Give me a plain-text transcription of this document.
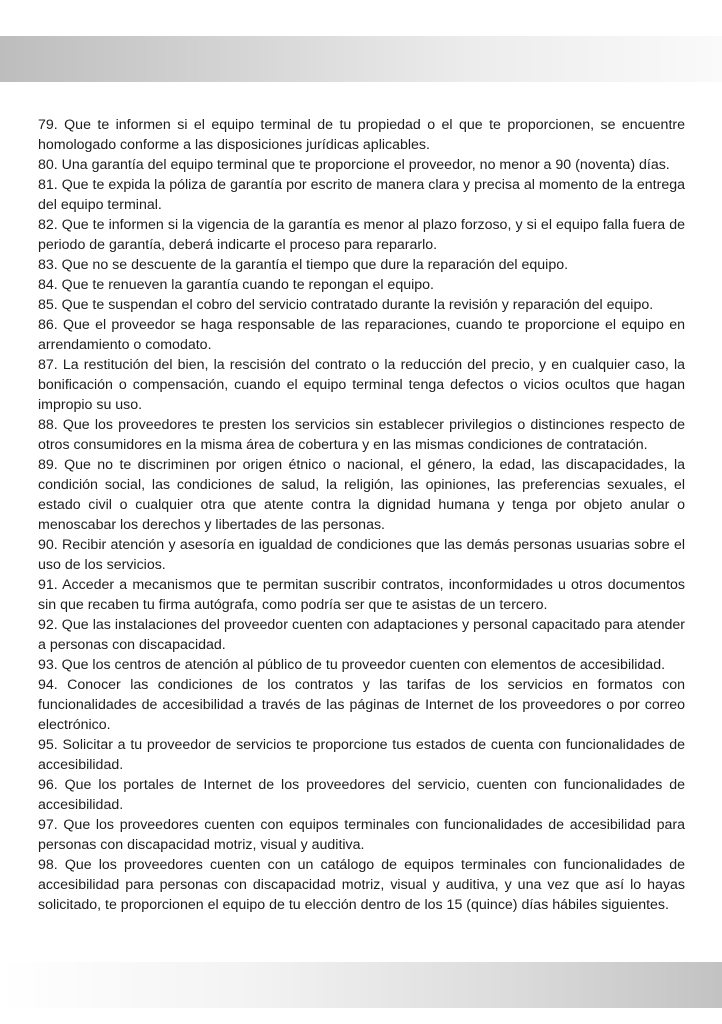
79. Que te informen si el equipo terminal de tu propiedad o el que te proporcionen, se encuentre homologado conforme a las disposiciones jurídicas aplicables.

80. Una garantía del equipo terminal que te proporcione el proveedor, no menor a 90 (noventa) días.

81. Que te expida la póliza de garantía por escrito de manera clara y precisa al momento de la entrega del equipo terminal.

82. Que te informen si la vigencia de la garantía es menor al plazo forzoso, y si el equipo falla fuera de periodo de garantía, deberá indicarte el proceso para repararlo.

83. Que no se descuente de la garantía el tiempo que dure la reparación del equipo.

84. Que te renueven la garantía cuando te repongan el equipo.

85. Que te suspendan el cobro del servicio contratado durante la revisión y reparación del equipo.

86. Que el proveedor se haga responsable de las reparaciones, cuando te proporcione el equipo en arrendamiento o comodato.

87. La restitución del bien, la rescisión del contrato o la reducción del precio, y en cualquier caso, la bonificación o compensación, cuando el equipo terminal tenga defectos o vicios ocultos que hagan impropio su uso.

88. Que los proveedores te presten los servicios sin establecer privilegios o distinciones respecto de otros consumidores en la misma área de cobertura y en las mismas condiciones de contratación.

89. Que no te discriminen por origen étnico o nacional, el género, la edad, las discapacidades, la condición social, las condiciones de salud, la religión, las opiniones, las preferencias sexuales, el estado civil o cualquier otra que atente contra la dignidad humana y tenga por objeto anular o menoscabar los derechos y libertades de las personas.

90. Recibir atención y asesoría en igualdad de condiciones que las demás personas usuarias sobre el uso de los servicios.

91. Acceder a mecanismos que te permitan suscribir contratos, inconformidades u otros documentos sin que recaben tu firma autógrafa, como podría ser que te asistas de un tercero.

92. Que las instalaciones del proveedor cuenten con adaptaciones y personal capacitado para atender a personas con discapacidad.

93. Que los centros de atención al público de tu proveedor cuenten con elementos de accesibilidad.

94. Conocer las condiciones de los contratos y las tarifas de los servicios en formatos con funcionalidades de accesibilidad a través de las páginas de Internet de los proveedores o por correo electrónico.

95. Solicitar a tu proveedor de servicios te proporcione tus estados de cuenta con funcionalidades de accesibilidad.

96. Que los portales de Internet de los proveedores del servicio, cuenten con funcionalidades de accesibilidad.

97. Que los proveedores cuenten con equipos terminales con funcionalidades de accesibilidad para personas con discapacidad motriz, visual y auditiva.

98. Que los proveedores cuenten con un catálogo de equipos terminales con funcionalidades de accesibilidad para personas con discapacidad motriz, visual y auditiva, y una vez que así lo hayas solicitado, te proporcionen el equipo de tu elección dentro de los 15 (quince) días hábiles siguientes.
